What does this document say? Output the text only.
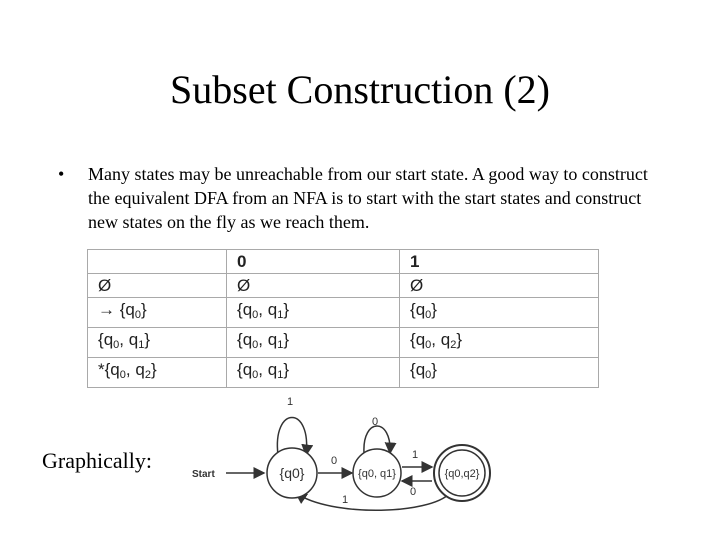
Subset Construction (2)
• Many states may be unreachable from our start state. A good way to construct the equivalent DFA from an NFA is to start with the start states and construct new states on the fly as we reach them.
	0	1
Ø	Ø	Ø
→ $\{q_0\}$	{$q_0$, $q_1$}	$\{q_0\}$
{$q_0$, $q_1$}	{$q_0$, $q_1$}	{$q_0$, $q_2$}
$*\{q_0$, $q_2$}	{$q_0$, $q_1$}	$\{q_0\}$
Graphically:
Start
1
0
0
1
0
1
{q0}	{q0, q1}	{q0,q2}
